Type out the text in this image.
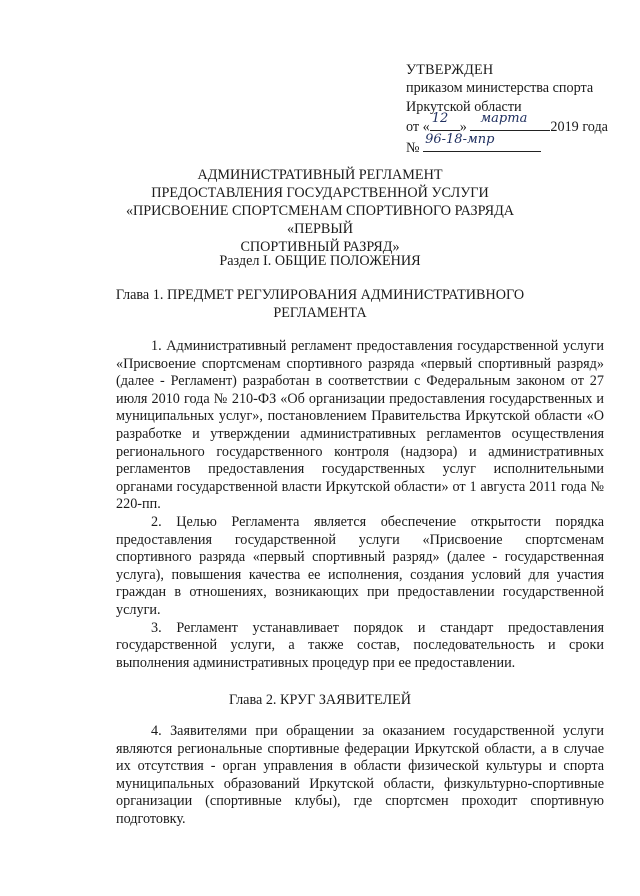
УТВЕРЖДЕН
приказом министерства спорта
Иркутской области
от «
12
»
марта
2019 года
№
96-18-мпр
АДМИНИСТРАТИВНЫЙ РЕГЛАМЕНТ
ПРЕДОСТАВЛЕНИЯ ГОСУДАРСТВЕННОЙ УСЛУГИ
«ПРИСВОЕНИЕ СПОРТСМЕНАМ СПОРТИВНОГО РАЗРЯДА «ПЕРВЫЙ
СПОРТИВНЫЙ РАЗРЯД»
Раздел I. ОБЩИЕ ПОЛОЖЕНИЯ
Глава 1. ПРЕДМЕТ РЕГУЛИРОВАНИЯ АДМИНИСТРАТИВНОГО
РЕГЛАМЕНТА

1. Административный регламент предоставления государственной услуги «Присвоение спортсменам спортивного разряда «первый спортивный разряд» (далее - Регламент) разработан в соответствии с Федеральным законом от 27 июля 2010 года № 210-ФЗ «Об организации предоставления государственных и муниципальных услуг», постановлением Правительства Иркутской области «О разработке и утверждении административных регламентов осуществления регионального государственного контроля (надзора) и административных регламентов предоставления государственных услуг исполнительными органами государственной власти Иркутской области» от 1 августа 2011 года № 220-пп.

2. Целью Регламента является обеспечение открытости порядка предоставления государственной услуги «Присвоение спортсменам спортивного разряда «первый спортивный разряд» (далее - государственная услуга), повышения качества ее исполнения, создания условий для участия граждан в отношениях, возникающих при предоставлении государственной услуги.

3. Регламент устанавливает порядок и стандарт предоставления государственной услуги, а также состав, последовательность и сроки выполнения административных процедур при ее предоставлении.

Глава 2. КРУГ ЗАЯВИТЕЛЕЙ

4. Заявителями при обращении за оказанием государственной услуги являются региональные спортивные федерации Иркутской области, а в случае их отсутствия - орган управления в области физической культуры и спорта муниципальных образований Иркутской области, физкультурно-спортивные организации (спортивные клубы), где спортсмен проходит спортивную подготовку.
